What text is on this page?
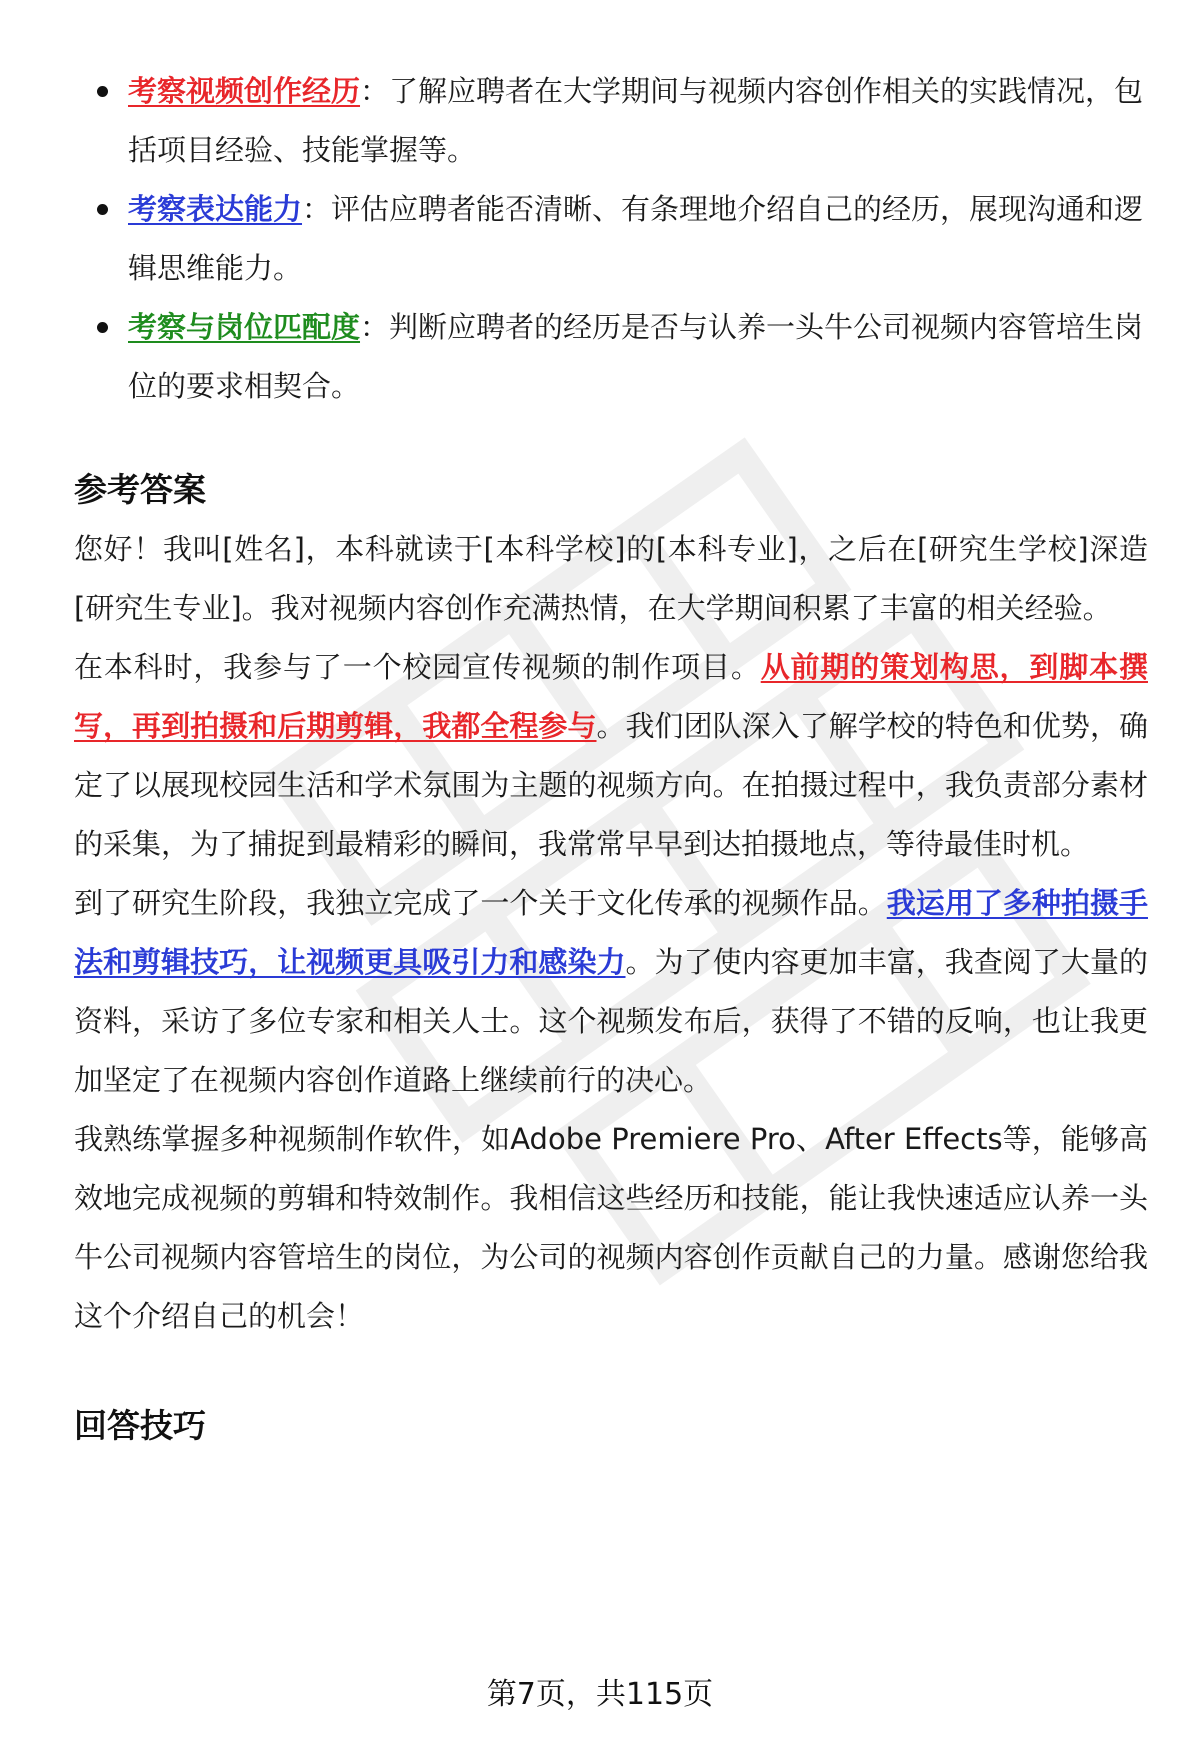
考察视频创作经历：了解应聘者在大学期间与视频内容创作相关的实践情况，包括项目经验、技能掌握等。
考察表达能力：评估应聘者能否清晰、有条理地介绍自己的经历，展现沟通和逻辑思维能力。
考察与岗位匹配度：判断应聘者的经历是否与认养一头牛公司视频内容管培生岗位的要求相契合。
参考答案

您好！我叫[姓名]，本科就读于[本科学校]的[本科专业]，之后在[研究生学校]深造[研究生专业]。我对视频内容创作充满热情，在大学期间积累了丰富的相关经验。

在本科时，我参与了一个校园宣传视频的制作项目。从前期的策划构思，到脚本撰写，再到拍摄和后期剪辑，我都全程参与。我们团队深入了解学校的特色和优势，确定了以展现校园生活和学术氛围为主题的视频方向。在拍摄过程中，我负责部分素材的采集，为了捕捉到最精彩的瞬间，我常常早早到达拍摄地点，等待最佳时机。

到了研究生阶段，我独立完成了一个关于文化传承的视频作品。我运用了多种拍摄手法和剪辑技巧，让视频更具吸引力和感染力。为了使内容更加丰富，我查阅了大量的资料，采访了多位专家和相关人士。这个视频发布后，获得了不错的反响，也让我更加坚定了在视频内容创作道路上继续前行的决心。

我熟练掌握多种视频制作软件，如Adobe Premiere Pro、After Effects等，能够高效地完成视频的剪辑和特效制作。我相信这些经历和技能，能让我快速适应认养一头牛公司视频内容管培生的岗位，为公司的视频内容创作贡献自己的力量。感谢您给我这个介绍自己的机会！

回答技巧
第7页，共115页
